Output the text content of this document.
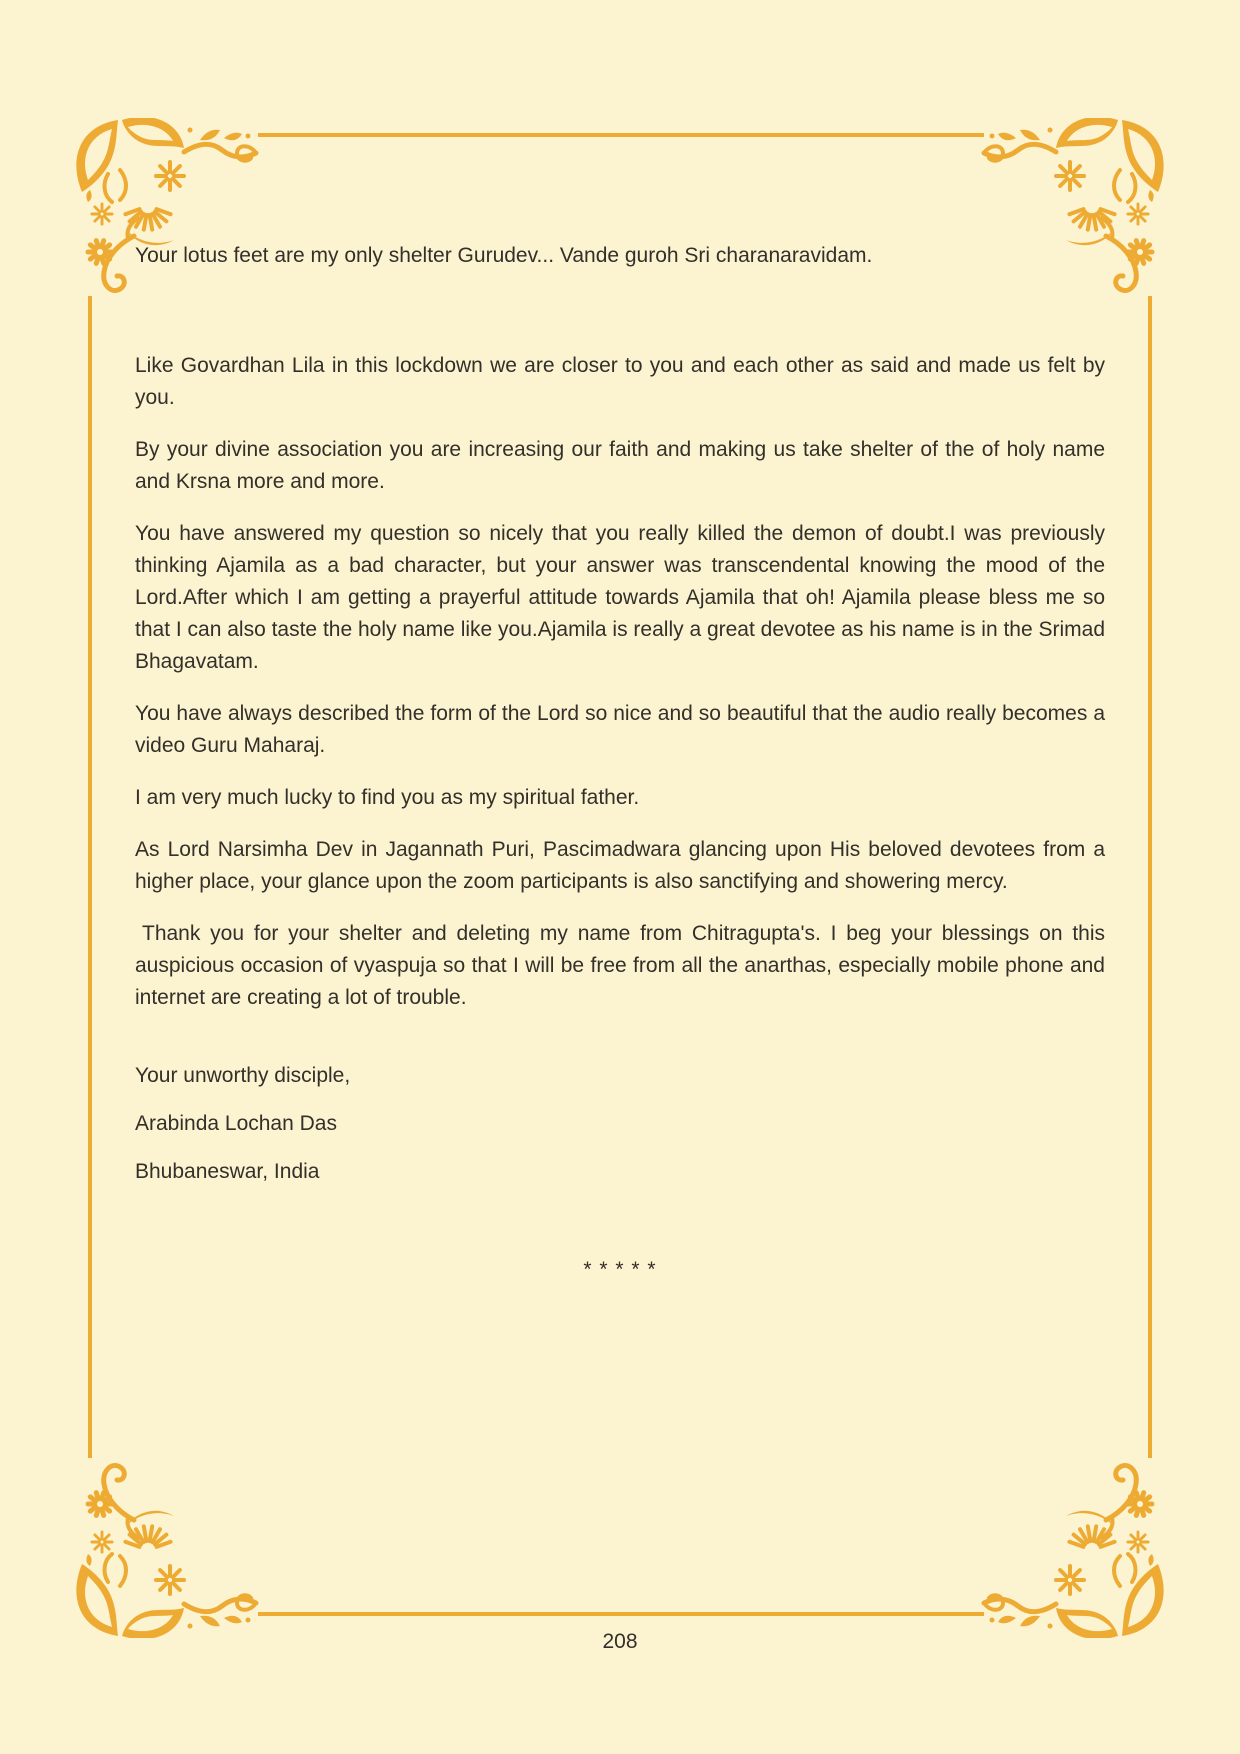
Your lotus feet are my only shelter Gurudev... Vande guroh Sri charanaravidam.

Like Govardhan Lila in this lockdown we are closer to you and each other as said and made us felt by you.

By your divine association you are increasing our faith and making us take shelter of the of holy name and Krsna more and more.

You have answered my question so nicely that you really killed the demon of doubt.I was previously thinking Ajamila as a bad character, but your answer was transcendental knowing the mood of the Lord.After which I am getting a prayerful attitude towards Ajamila that oh! Ajamila please bless me so that I can also taste the holy name like you.Ajamila is really a great devotee as his name is in the Srimad Bhagavatam.

You have always described the form of the Lord so nice and so beautiful that the audio really becomes a video Guru Maharaj.

I am very much lucky to find you as my spiritual father.

As Lord Narsimha Dev in Jagannath Puri, Pascimadwara glancing upon His beloved devotees from a higher place, your glance upon the zoom participants is also sanctifying and showering mercy.

Thank you for your shelter and deleting my name from Chitragupta's. I beg your blessings on this auspicious occasion of vyaspuja so that I will be free from all the anarthas, especially mobile phone and internet are creating a lot of trouble.

Your unworthy disciple,

Arabinda Lochan Das

Bhubaneswar, India

* * * * *

208
